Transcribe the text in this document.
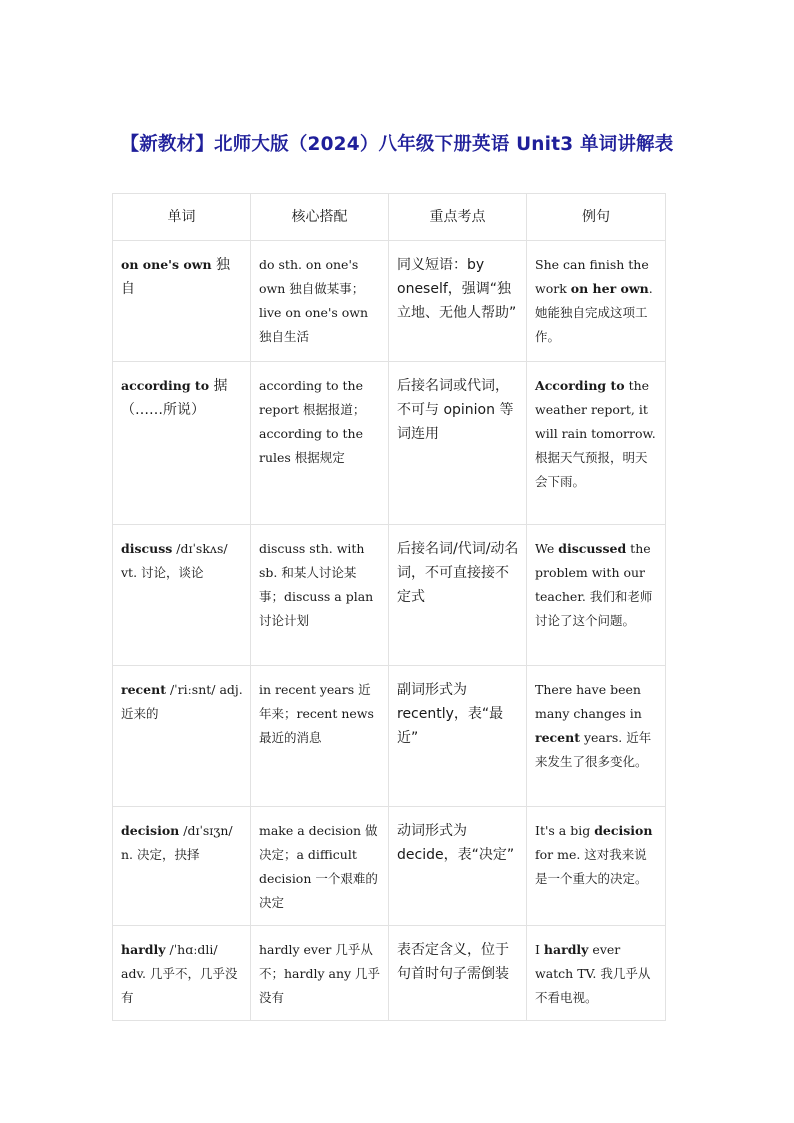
【新教材】北师大版（2024）八年级下册英语 Unit3 单词讲解表
单词	核心搭配	重点考点	例句
on one's own 独自	do sth. on one's own 独自做某事；live on one's own 独自生活	同义短语：by oneself，强调“独立地、无他人帮助”	She can finish the work on her own. 她能独自完成这项工作。
according to 据（……所说）	according to the report 根据报道；according to the rules 根据规定	后接名词或代词，不可与 opinion 等词连用	According to the weather report, it will rain tomorrow. 根据天气预报，明天会下雨。
discuss /dɪˈskʌs/ vt. 讨论，谈论	discuss sth. with sb. 和某人讨论某事；discuss a plan 讨论计划	后接名词/代词/动名词，不可直接接不定式	We discussed the problem with our teacher. 我们和老师讨论了这个问题。
recent /ˈriːsnt/ adj. 近来的	in recent years 近年来；recent news 最近的消息	副词形式为 recently，表“最近”	There have been many changes in recent years. 近年来发生了很多变化。
decision /dɪˈsɪʒn/ n. 决定，抉择	make a decision 做决定；a difficult decision 一个艰难的决定	动词形式为 decide，表“决定”	It's a big decision for me. 这对我来说是一个重大的决定。
hardly /ˈhɑːdli/ adv. 几乎不，几乎没有	hardly ever 几乎从不；hardly any 几乎没有	表否定含义，位于句首时句子需倒装	I hardly ever watch TV. 我几乎从不看电视。
